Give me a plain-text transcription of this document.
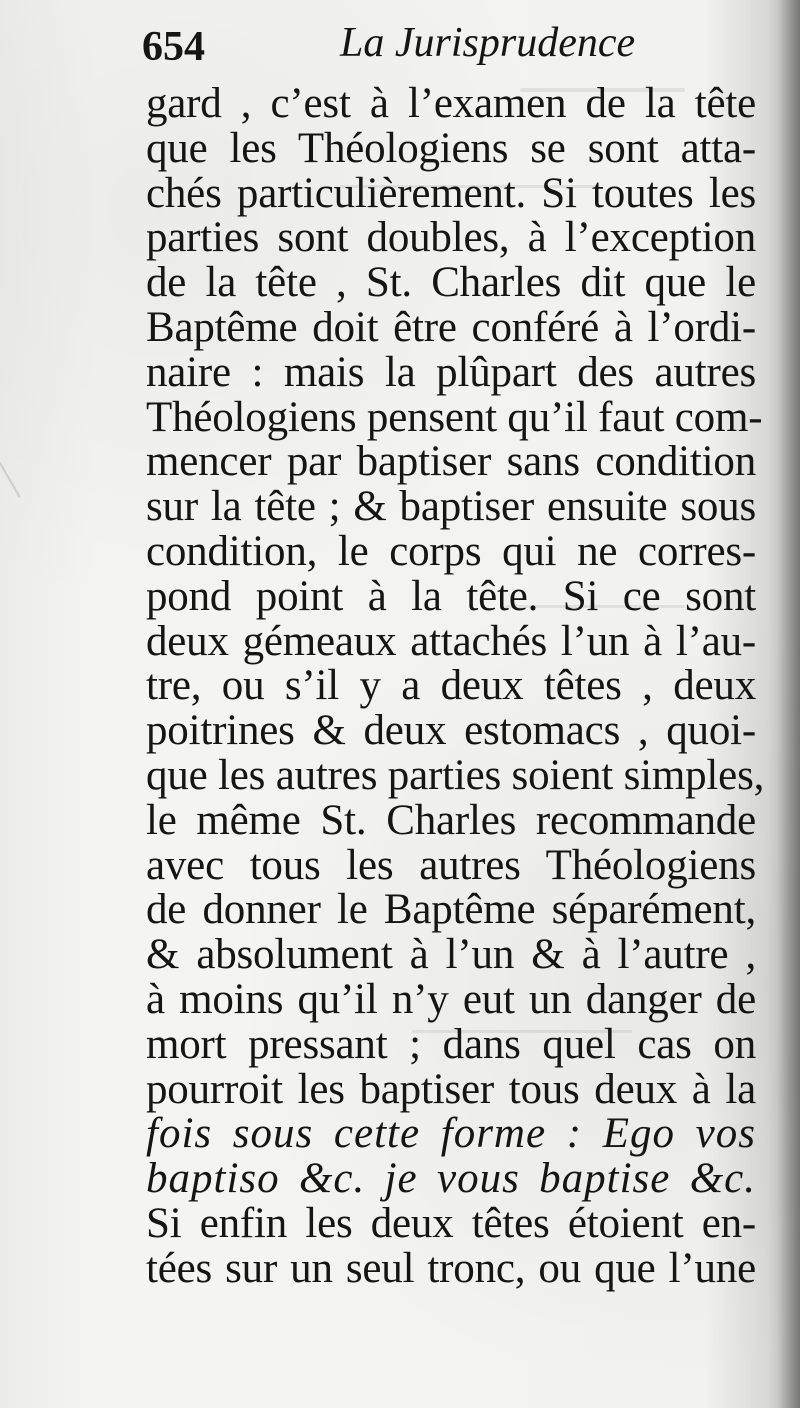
654	La Jurisprudence
gard , c’est à l’examen de la tête
que les Théologiens se sont atta-
chés particulièrement. Si toutes les
parties sont doubles, à l’exception
de la tête , St. Charles dit que le
Baptême doit être conféré à l’ordi-
naire : mais la plûpart des autres
Théologiens pensent qu’il faut com-
mencer par baptiser sans condition
sur la tête ; & baptiser ensuite sous
condition, le corps qui ne corres-
pond point à la tête. Si ce sont
deux gémeaux attachés l’un à l’au-
tre, ou s’il y a deux têtes , deux
poitrines & deux estomacs , quoi-
que les autres parties soient simples,
le même St. Charles recommande
avec tous les autres Théologiens
de donner le Baptême séparément,
& absolument à l’un & à l’autre ,
à moins qu’il n’y eut un danger de
mort pressant ; dans quel cas on
pourroit les baptiser tous deux à la
fois sous cette forme : Ego vos
baptiso &c. je vous baptise &c.
Si enfin les deux têtes étoient en-
tées sur un seul tronc, ou que l’une
